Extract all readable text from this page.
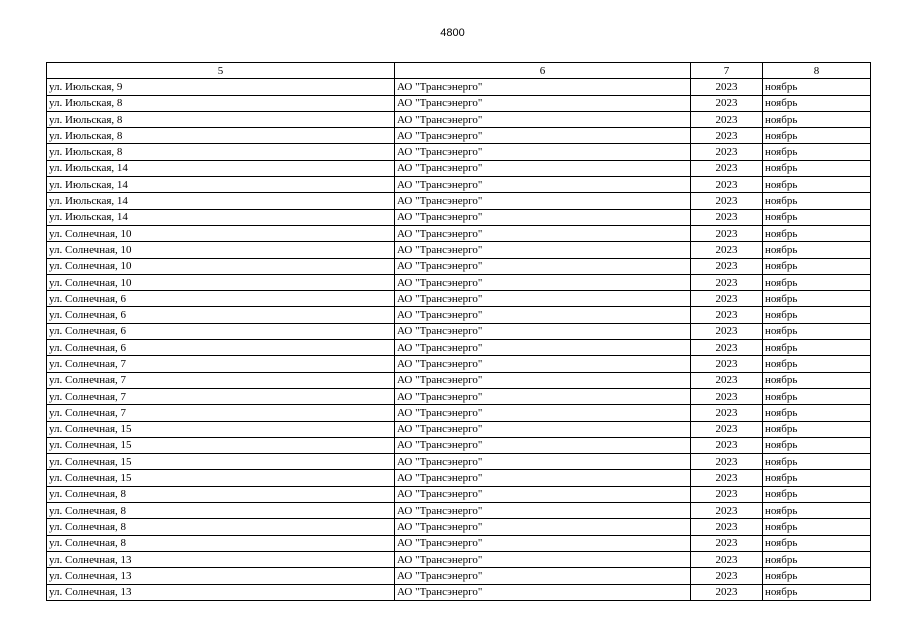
4800
5	6	7	8
ул. Июльская, 9	АО "Трансэнерго"	2023	ноябрь
ул. Июльская, 8	АО "Трансэнерго"	2023	ноябрь
ул. Июльская, 8	АО "Трансэнерго"	2023	ноябрь
ул. Июльская, 8	АО "Трансэнерго"	2023	ноябрь
ул. Июльская, 8	АО "Трансэнерго"	2023	ноябрь
ул. Июльская, 14	АО "Трансэнерго"	2023	ноябрь
ул. Июльская, 14	АО "Трансэнерго"	2023	ноябрь
ул. Июльская, 14	АО "Трансэнерго"	2023	ноябрь
ул. Июльская, 14	АО "Трансэнерго"	2023	ноябрь
ул. Солнечная, 10	АО "Трансэнерго"	2023	ноябрь
ул. Солнечная, 10	АО "Трансэнерго"	2023	ноябрь
ул. Солнечная, 10	АО "Трансэнерго"	2023	ноябрь
ул. Солнечная, 10	АО "Трансэнерго"	2023	ноябрь
ул. Солнечная, 6	АО "Трансэнерго"	2023	ноябрь
ул. Солнечная, 6	АО "Трансэнерго"	2023	ноябрь
ул. Солнечная, 6	АО "Трансэнерго"	2023	ноябрь
ул. Солнечная, 6	АО "Трансэнерго"	2023	ноябрь
ул. Солнечная, 7	АО "Трансэнерго"	2023	ноябрь
ул. Солнечная, 7	АО "Трансэнерго"	2023	ноябрь
ул. Солнечная, 7	АО "Трансэнерго"	2023	ноябрь
ул. Солнечная, 7	АО "Трансэнерго"	2023	ноябрь
ул. Солнечная, 15	АО "Трансэнерго"	2023	ноябрь
ул. Солнечная, 15	АО "Трансэнерго"	2023	ноябрь
ул. Солнечная, 15	АО "Трансэнерго"	2023	ноябрь
ул. Солнечная, 15	АО "Трансэнерго"	2023	ноябрь
ул. Солнечная, 8	АО "Трансэнерго"	2023	ноябрь
ул. Солнечная, 8	АО "Трансэнерго"	2023	ноябрь
ул. Солнечная, 8	АО "Трансэнерго"	2023	ноябрь
ул. Солнечная, 8	АО "Трансэнерго"	2023	ноябрь
ул. Солнечная, 13	АО "Трансэнерго"	2023	ноябрь
ул. Солнечная, 13	АО "Трансэнерго"	2023	ноябрь
ул. Солнечная, 13	АО "Трансэнерго"	2023	ноябрь
